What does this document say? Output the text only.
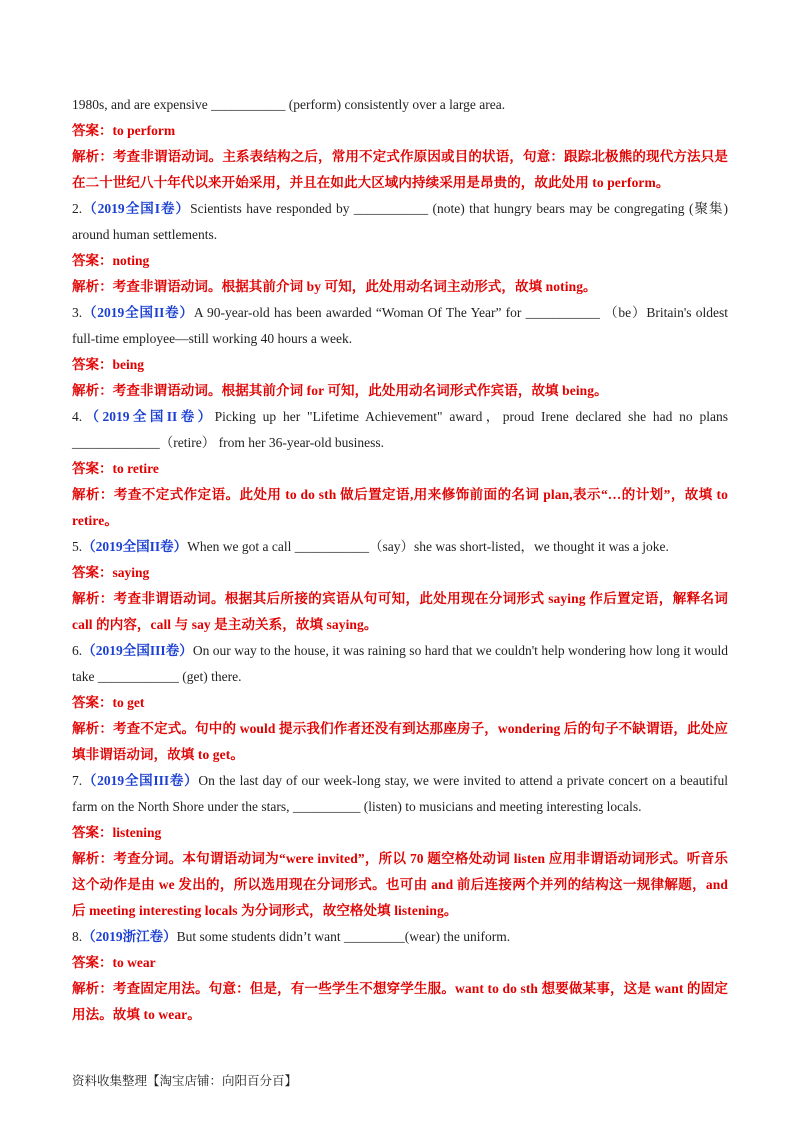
1980s, and are expensive ___________ (perform) consistently over a large area.

答案：to perform

解析：考查非谓语动词。主系表结构之后，常用不定式作原因或目的状语，句意：跟踪北极熊的现代方法只是在二十世纪八十年代以来开始采用，并且在如此大区域内持续采用是昂贵的，故此处用 to perform。

2.（2019全国I卷）Scientists have responded by ___________ (note) that hungry bears may be congregating (聚集) around human settlements.

答案：noting

解析：考查非谓语动词。根据其前介词 by 可知，此处用动名词主动形式，故填 noting。

3.（2019全国II卷）A 90-year-old has been awarded “Woman Of The Year” for ___________ （be）Britain's oldest full-time employee—still working 40 hours a week.

答案：being

解析：考查非谓语动词。根据其前介词 for 可知，此处用动名词形式作宾语，故填 being。

4.（2019全国II卷）Picking up her "Lifetime Achievement" award，proud Irene declared she had no plans _____________（retire） from her 36-year-old business.

答案：to retire

解析：考查不定式作定语。此处用 to do sth 做后置定语,用来修饰前面的名词 plan,表示“…的计划”，故填 to retire。

5.（2019全国II卷）When we got a call ___________（say）she was short-listed，we thought it was a joke.

答案：saying

解析：考查非谓语动词。根据其后所接的宾语从句可知，此处用现在分词形式 saying 作后置定语，解释名词 call 的内容，call 与 say 是主动关系，故填 saying。

6.（2019全国III卷）On our way to the house, it was raining so hard that we couldn't help wondering how long it would take ____________ (get) there.

答案：to get

解析：考查不定式。句中的 would 提示我们作者还没有到达那座房子，wondering 后的句子不缺谓语，此处应填非谓语动词，故填 to get。

7.（2019全国III卷）On the last day of our week-long stay, we were invited to attend a private concert on a beautiful farm on the North Shore under the stars, __________ (listen) to musicians and meeting interesting locals.

答案：listening

解析：考查分词。本句谓语动词为“were invited”，所以 70 题空格处动词 listen 应用非谓语动词形式。听音乐这个动作是由 we 发出的，所以选用现在分词形式。也可由 and 前后连接两个并列的结构这一规律解题，and 后 meeting interesting locals 为分词形式，故空格处填 listening。

8.（2019浙江卷）But some students didn’t want _________(wear) the uniform.

答案：to wear

解析：考查固定用法。句意：但是，有一些学生不想穿学生服。want to do sth 想要做某事，这是 want 的固定用法。故填 to wear。

资料收集整理【淘宝店铺：向阳百分百】
